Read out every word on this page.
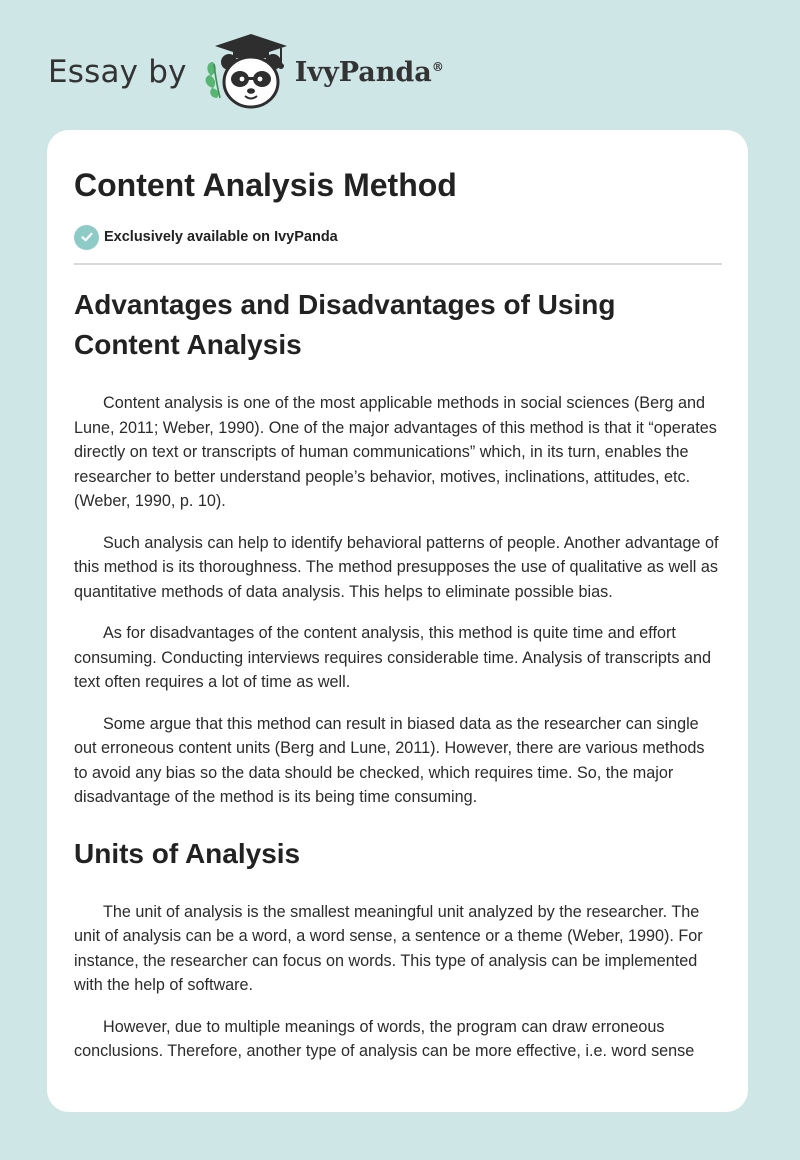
Essay by	IvyPanda®
Content Analysis Method
Exclusively available on IvyPanda
Advantages and Disadvantages of Using Content Analysis

Content analysis is one of the most applicable methods in social sciences (Berg and Lune, 2011; Weber, 1990). One of the major advantages of this method is that it “operates directly on text or transcripts of human communications” which, in its turn, enables the researcher to better understand people’s behavior, motives, inclinations, attitudes, etc. (Weber, 1990, p. 10).

Such analysis can help to identify behavioral patterns of people. Another advantage of this method is its thoroughness. The method presupposes the use of qualitative as well as quantitative methods of data analysis. This helps to eliminate possible bias.

As for disadvantages of the content analysis, this method is quite time and effort consuming. Conducting interviews requires considerable time. Analysis of transcripts and text often requires a lot of time as well.

Some argue that this method can result in biased data as the researcher can single out erroneous content units (Berg and Lune, 2011). However, there are various methods to avoid any bias so the data should be checked, which requires time. So, the major disadvantage of the method is its being time consuming.

Units of Analysis

The unit of analysis is the smallest meaningful unit analyzed by the researcher. The unit of analysis can be a word, a word sense, a sentence or a theme (Weber, 1990). For instance, the researcher can focus on words. This type of analysis can be implemented with the help of software.

However, due to multiple meanings of words, the program can draw erroneous conclusions. Therefore, another type of analysis can be more effective, i.e. word sense
